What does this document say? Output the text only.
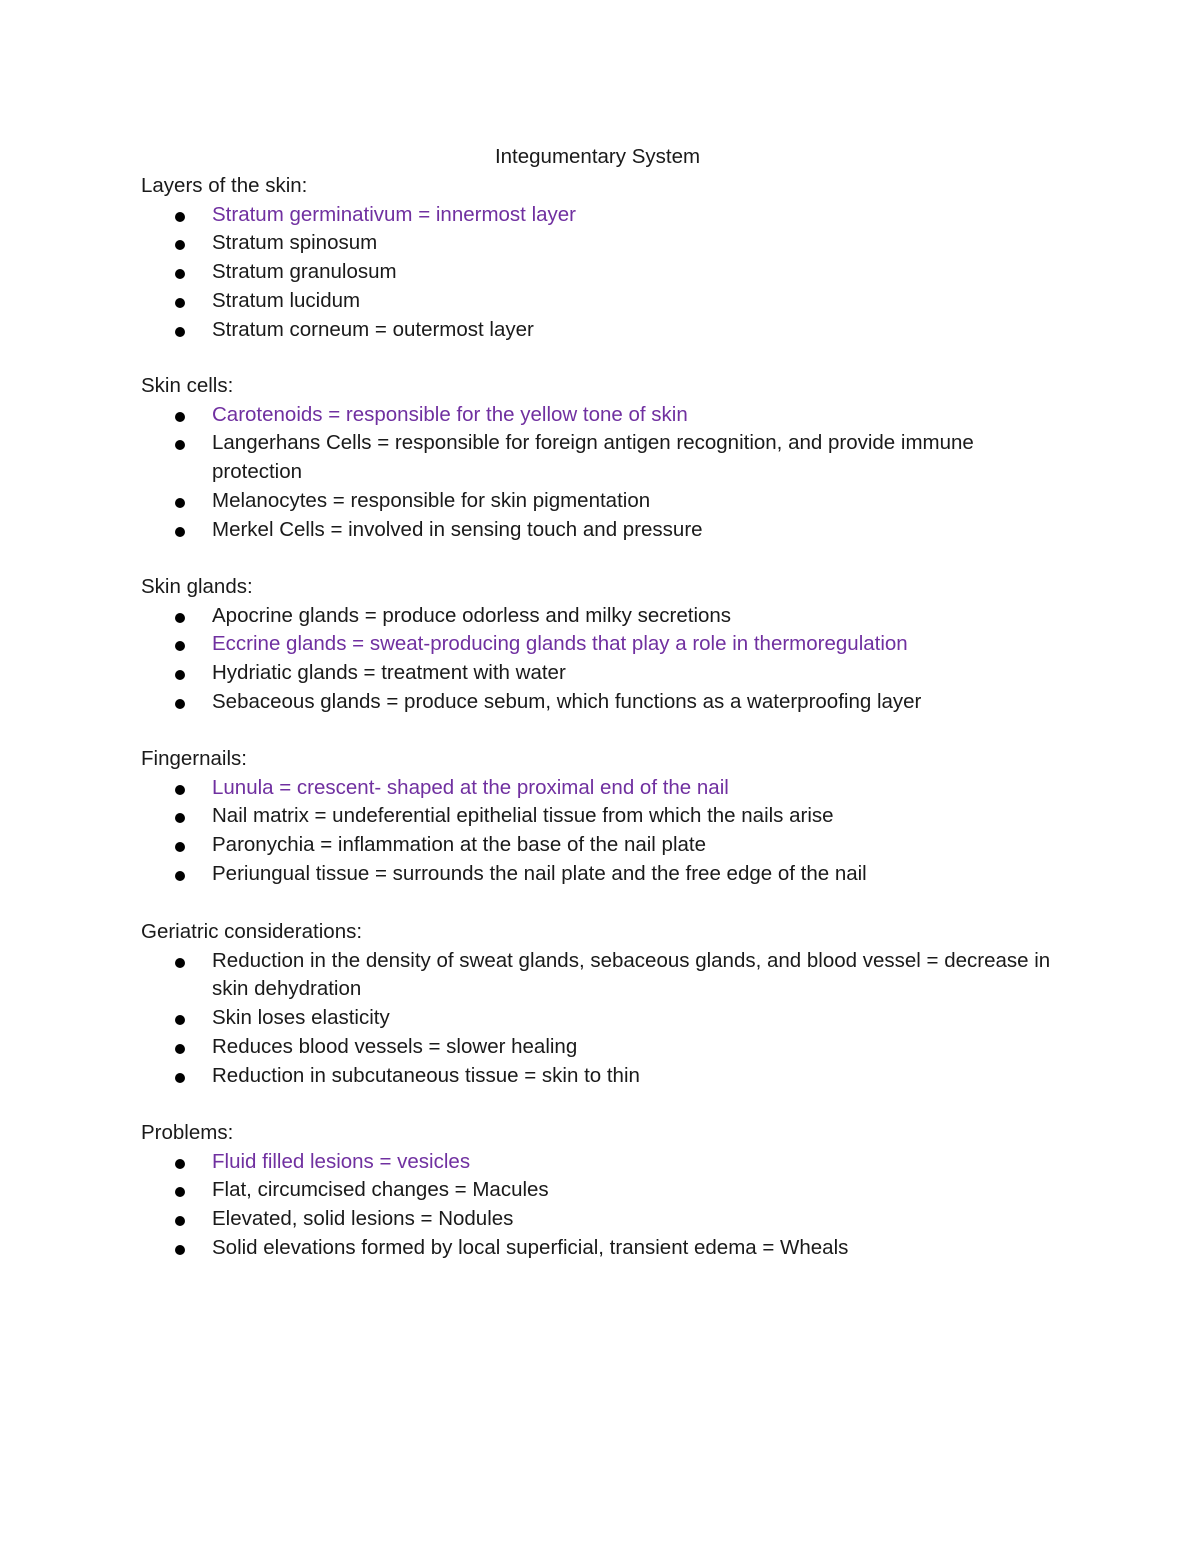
Integumentary System

Layers of the skin:

Stratum germinativum = innermost layer
Stratum spinosum
Stratum granulosum
Stratum lucidum
Stratum corneum = outermost layer

Skin cells:

Carotenoids = responsible for the yellow tone of skin
Langerhans Cells = responsible for foreign antigen recognition, and provide immune protection
Melanocytes = responsible for skin pigmentation
Merkel Cells = involved in sensing touch and pressure

Skin glands:

Apocrine glands = produce odorless and milky secretions
Eccrine glands = sweat-producing glands that play a role in thermoregulation
Hydriatic glands = treatment with water
Sebaceous glands = produce sebum, which functions as a waterproofing layer

Fingernails:

Lunula = crescent- shaped at the proximal end of the nail
Nail matrix = undeferential epithelial tissue from which the nails arise
Paronychia = inflammation at the base of the nail plate
Periungual tissue = surrounds the nail plate and the free edge of the nail

Geriatric considerations:

Reduction in the density of sweat glands, sebaceous glands, and blood vessel = decrease in skin dehydration
Skin loses elasticity
Reduces blood vessels = slower healing
Reduction in subcutaneous tissue = skin to thin

Problems:

Fluid filled lesions = vesicles
Flat, circumcised changes = Macules
Elevated, solid lesions = Nodules
Solid elevations formed by local superficial, transient edema = Wheals
